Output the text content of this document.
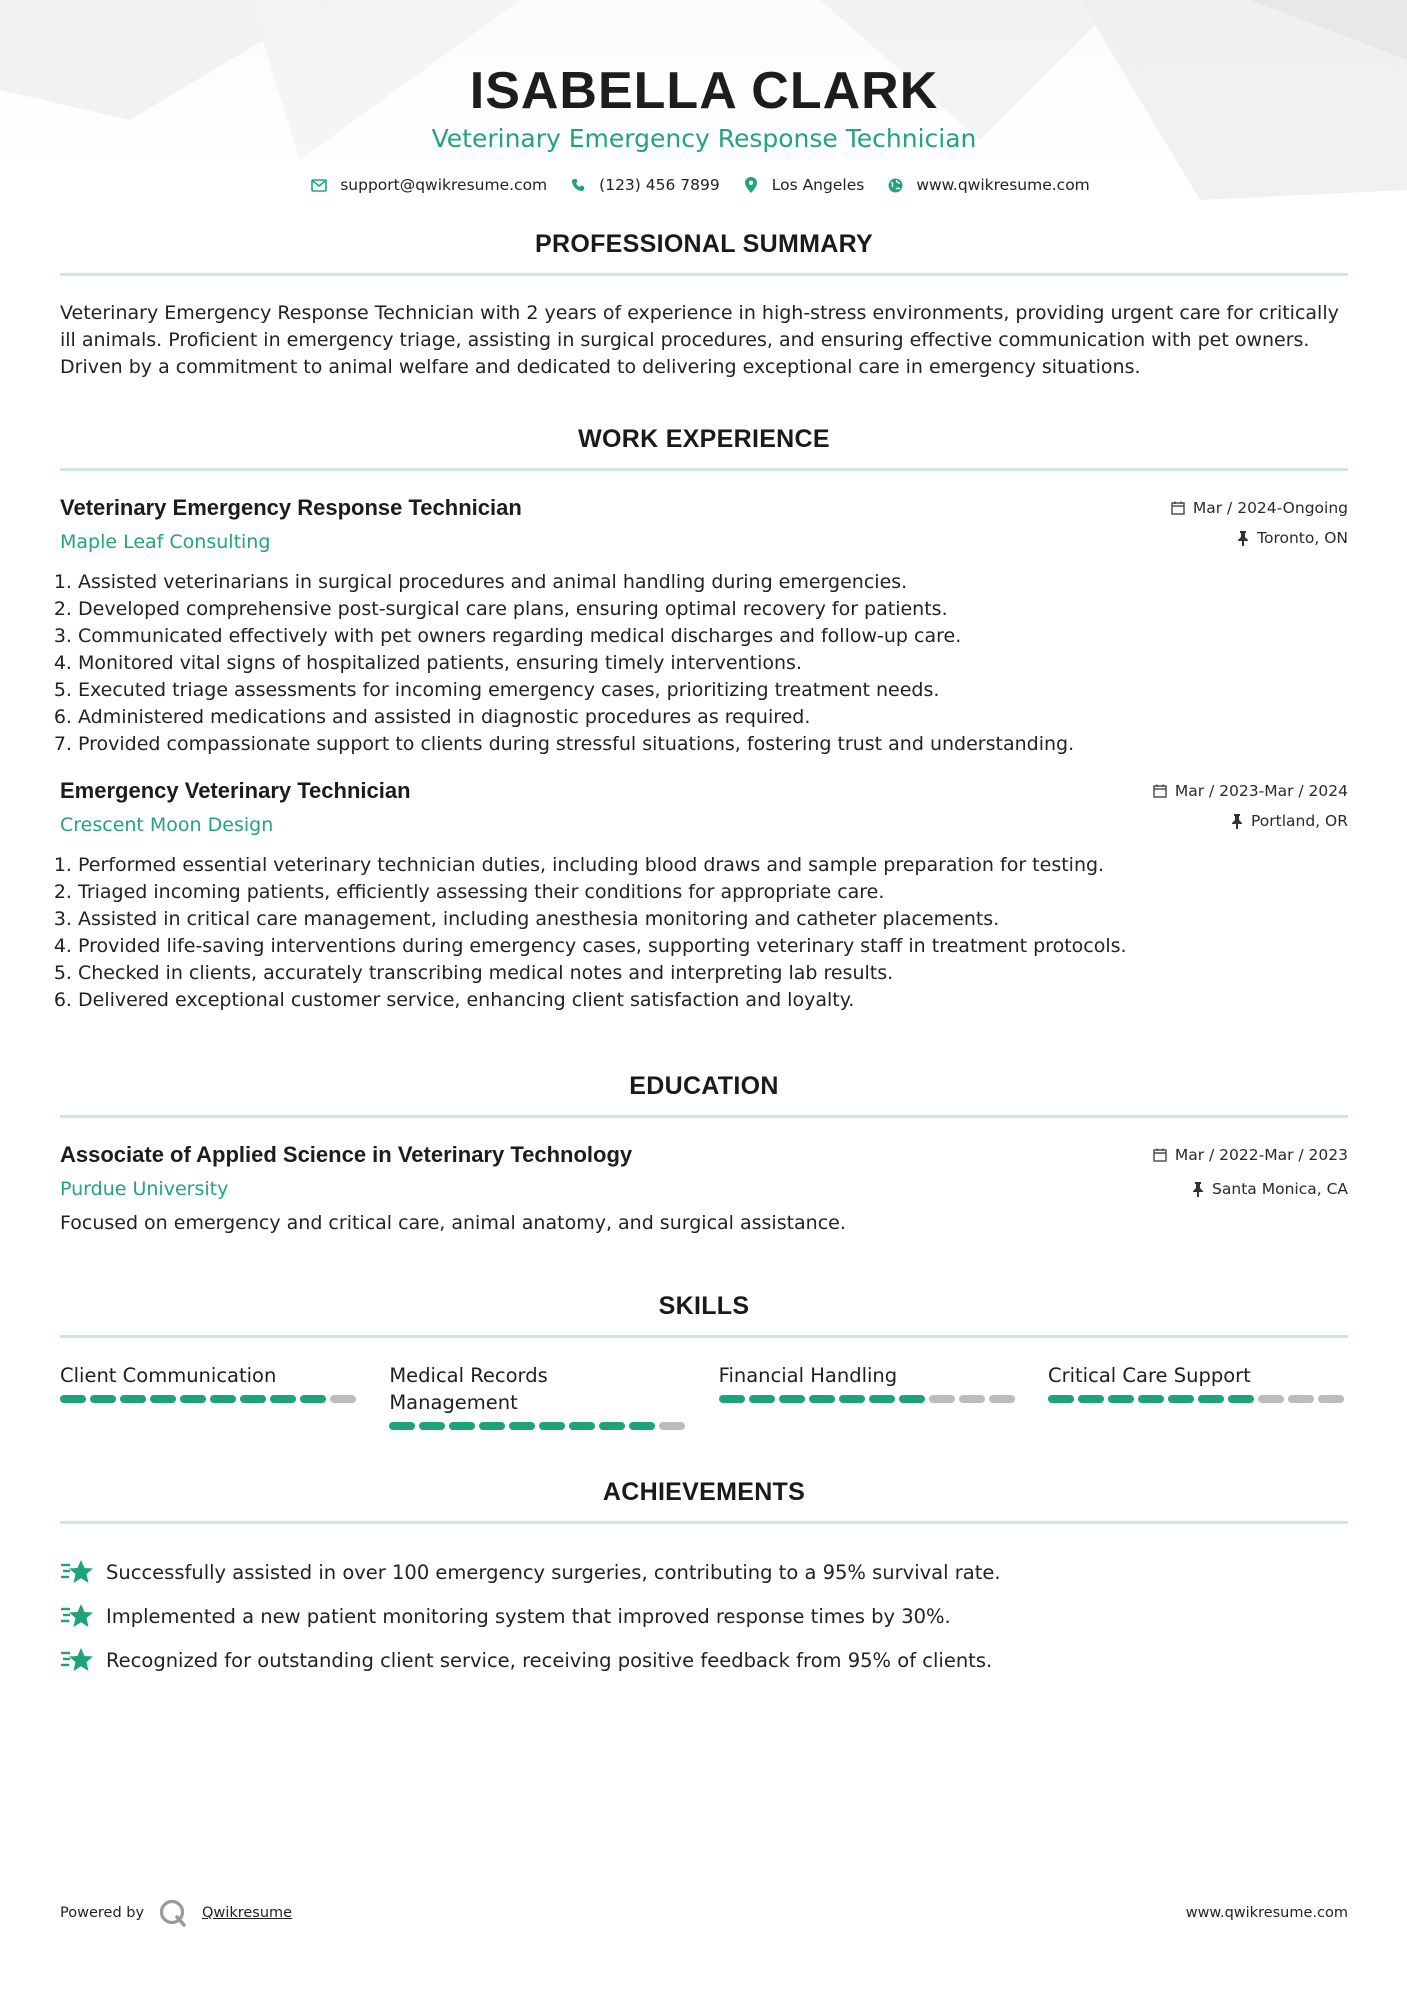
ISABELLA CLARK
Veterinary Emergency Response Technician
support@qwikresume.com	(123) 456 7899	Los Angeles	www.qwikresume.com
PROFESSIONAL SUMMARY
Veterinary Emergency Response Technician with 2 years of experience in high-stress environments, providing urgent care for critically ill animals. Proficient in emergency triage, assisting in surgical procedures, and ensuring effective communication with pet owners. Driven by a commitment to animal welfare and dedicated to delivering exceptional care in emergency situations.
WORK EXPERIENCE
Mar / 2024-Ongoing
Toronto, ON
Veterinary Emergency Response Technician
Maple Leaf Consulting
1. Assisted veterinarians in surgical procedures and animal handling during emergencies.
2. Developed comprehensive post-surgical care plans, ensuring optimal recovery for patients.
3. Communicated effectively with pet owners regarding medical discharges and follow-up care.
4. Monitored vital signs of hospitalized patients, ensuring timely interventions.
5. Executed triage assessments for incoming emergency cases, prioritizing treatment needs.
6. Administered medications and assisted in diagnostic procedures as required.
7. Provided compassionate support to clients during stressful situations, fostering trust and understanding.
Mar / 2023-Mar / 2024
Portland, OR
Emergency Veterinary Technician
Crescent Moon Design
1. Performed essential veterinary technician duties, including blood draws and sample preparation for testing.
2. Triaged incoming patients, efficiently assessing their conditions for appropriate care.
3. Assisted in critical care management, including anesthesia monitoring and catheter placements.
4. Provided life-saving interventions during emergency cases, supporting veterinary staff in treatment protocols.
5. Checked in clients, accurately transcribing medical notes and interpreting lab results.
6. Delivered exceptional customer service, enhancing client satisfaction and loyalty.
EDUCATION
Mar / 2022-Mar / 2023
Santa Monica, CA
Associate of Applied Science in Veterinary Technology
Purdue University
Focused on emergency and critical care, animal anatomy, and surgical assistance.
SKILLS
Client Communication	Medical Records Management
Financial Handling	Critical Care Support
ACHIEVEMENTS
Successfully assisted in over 100 emergency surgeries, contributing to a 95% survival rate.
Implemented a new patient monitoring system that improved response times by 30%.
Recognized for outstanding client service, receiving positive feedback from 95% of clients.
Powered by	Qwikresume	www.qwikresume.com
